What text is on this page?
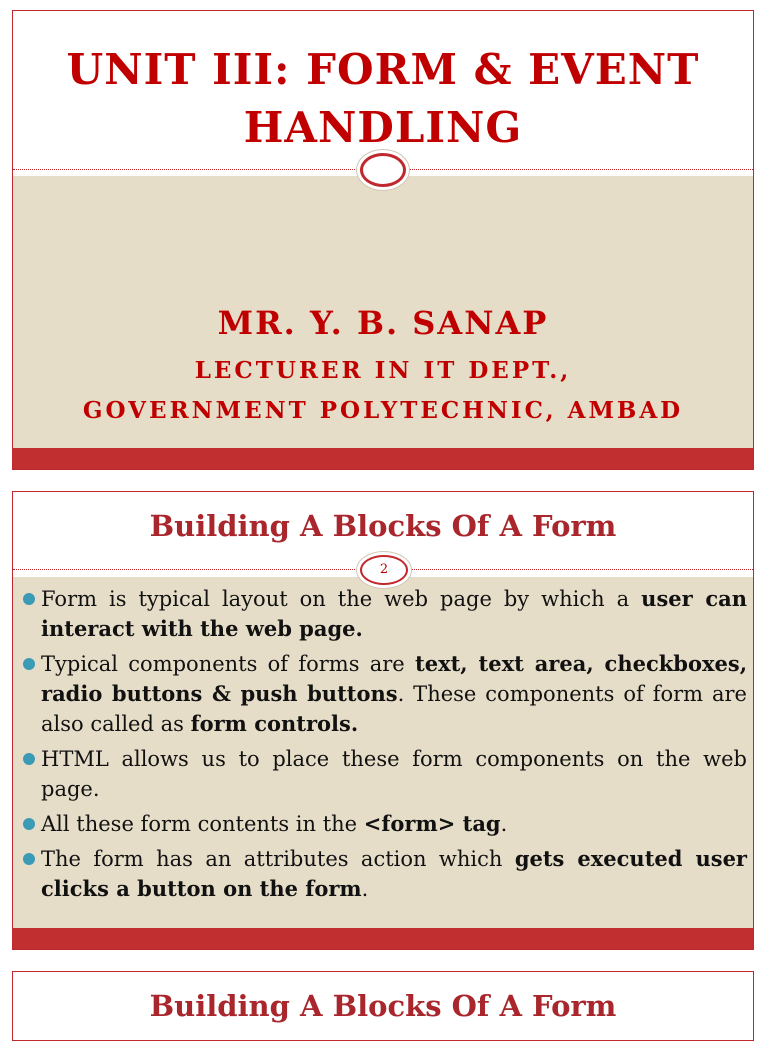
UNIT III: FORM & EVENT
HANDLING
MR. Y. B. SANAP
LECTURER IN IT DEPT.,
GOVERNMENT POLYTECHNIC, AMBAD
Building A Blocks Of A Form
2
Form is typical layout on the web page by which a user can interact with the web page.
Typical components of forms are text, text area, checkboxes, radio buttons & push buttons. These components of form are also called as form controls.
HTML allows us to place these form components on the web page.
All these form contents in the <form> tag.
The form has an attributes action which gets executed user clicks a button on the form.
Building A Blocks Of A Form
